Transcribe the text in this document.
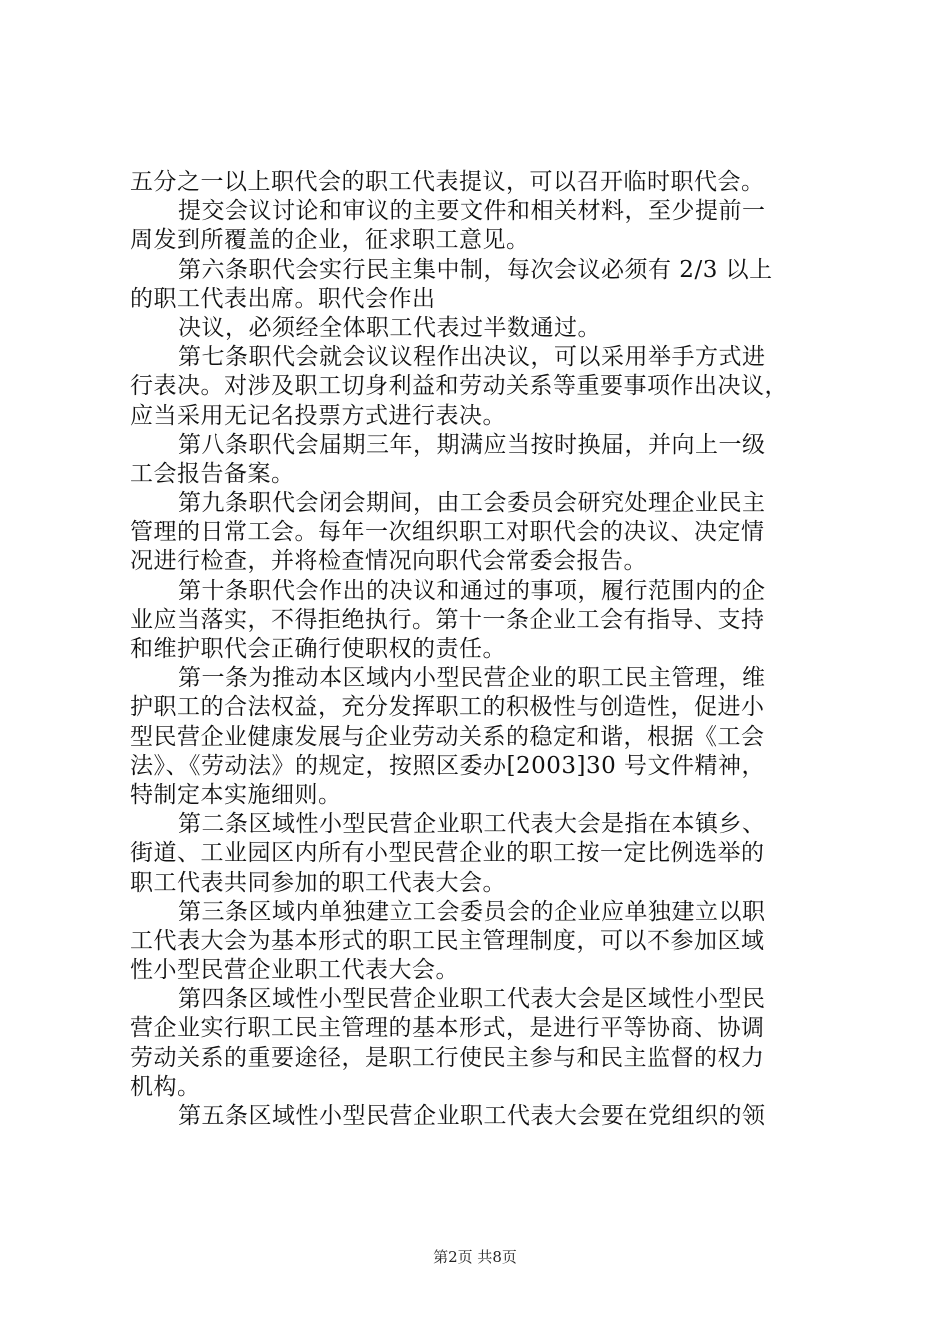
五分之一以上职代会的职工代表提议，可以召开临时职代会。
提交会议讨论和审议的主要文件和相关材料，至少提前一
周发到所覆盖的企业，征求职工意见。
第六条职代会实行民主集中制，每次会议必须有 2/3 以上
的职工代表出席。职代会作出
决议，必须经全体职工代表过半数通过。
第七条职代会就会议议程作出决议，可以采用举手方式进
行表决。对涉及职工切身利益和劳动关系等重要事项作出决议，
应当采用无记名投票方式进行表决。
第八条职代会届期三年，期满应当按时换届，并向上一级
工会报告备案。
第九条职代会闭会期间，由工会委员会研究处理企业民主
管理的日常工会。每年一次组织职工对职代会的决议、决定情
况进行检查，并将检查情况向职代会常委会报告。
第十条职代会作出的决议和通过的事项，履行范围内的企
业应当落实，不得拒绝执行。第十一条企业工会有指导、支持
和维护职代会正确行使职权的责任。
第一条为推动本区域内小型民营企业的职工民主管理，维
护职工的合法权益，充分发挥职工的积极性与创造性，促进小
型民营企业健康发展与企业劳动关系的稳定和谐，根据《工会
法》、《劳动法》的规定，按照区委办[2003]30 号文件精神，
特制定本实施细则。
第二条区域性小型民营企业职工代表大会是指在本镇乡、
街道、工业园区内所有小型民营企业的职工按一定比例选举的
职工代表共同参加的职工代表大会。
第三条区域内单独建立工会委员会的企业应单独建立以职
工代表大会为基本形式的职工民主管理制度，可以不参加区域
性小型民营企业职工代表大会。
第四条区域性小型民营企业职工代表大会是区域性小型民
营企业实行职工民主管理的基本形式，是进行平等协商、协调
劳动关系的重要途径，是职工行使民主参与和民主监督的权力
机构。
第五条区域性小型民营企业职工代表大会要在党组织的领
第2页 共8页
